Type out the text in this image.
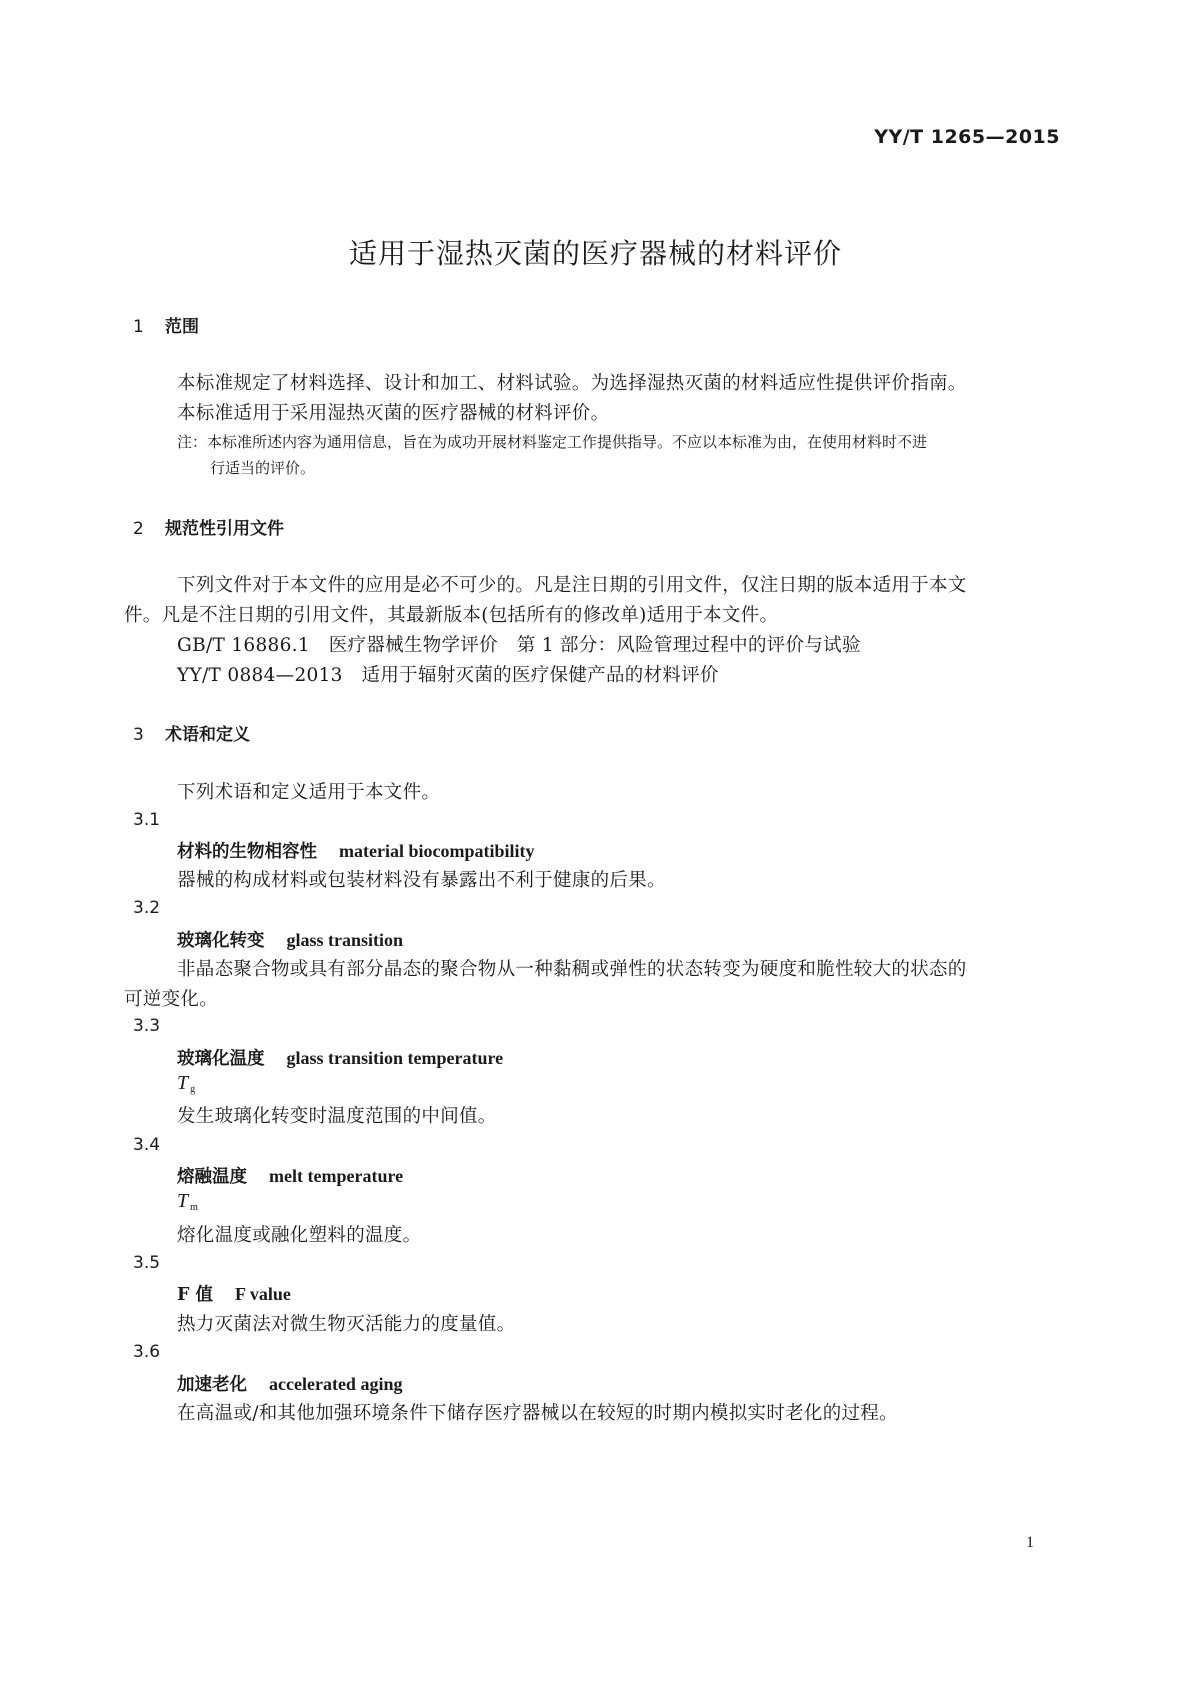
YY/T 1265—2015
适用于湿热灭菌的医疗器械的材料评价
1 范围
本标准规定了材料选择、设计和加工、材料试验。为选择湿热灭菌的材料适应性提供评价指南。
本标准适用于采用湿热灭菌的医疗器械的材料评价。
注：本标准所述内容为通用信息，旨在为成功开展材料鉴定工作提供指导。不应以本标准为由，在使用材料时不进
行适当的评价。
2 规范性引用文件
下列文件对于本文件的应用是必不可少的。凡是注日期的引用文件，仅注日期的版本适用于本文
件。凡是不注日期的引用文件，其最新版本(包括所有的修改单)适用于本文件。
GB/T 16886.1　医疗器械生物学评价　第 1 部分：风险管理过程中的评价与试验
YY/T 0884—2013　适用于辐射灭菌的医疗保健产品的材料评价
3 术语和定义
下列术语和定义适用于本文件。
3.1
材料的生物相容性 material biocompatibility
器械的构成材料或包装材料没有暴露出不利于健康的后果。
3.2
玻璃化转变 glass transition
非晶态聚合物或具有部分晶态的聚合物从一种黏稠或弹性的状态转变为硬度和脆性较大的状态的
可逆变化。
3.3
玻璃化温度 glass transition temperature
T $_g$
发生玻璃化转变时温度范围的中间值。
3.4
熔融温度 melt temperature
T $_m$
熔化温度或融化塑料的温度。
3.5
F 值 F value
热力灭菌法对微生物灭活能力的度量值。
3.6
加速老化 accelerated aging
在高温或/和其他加强环境条件下储存医疗器械以在较短的时期内模拟实时老化的过程。
1
